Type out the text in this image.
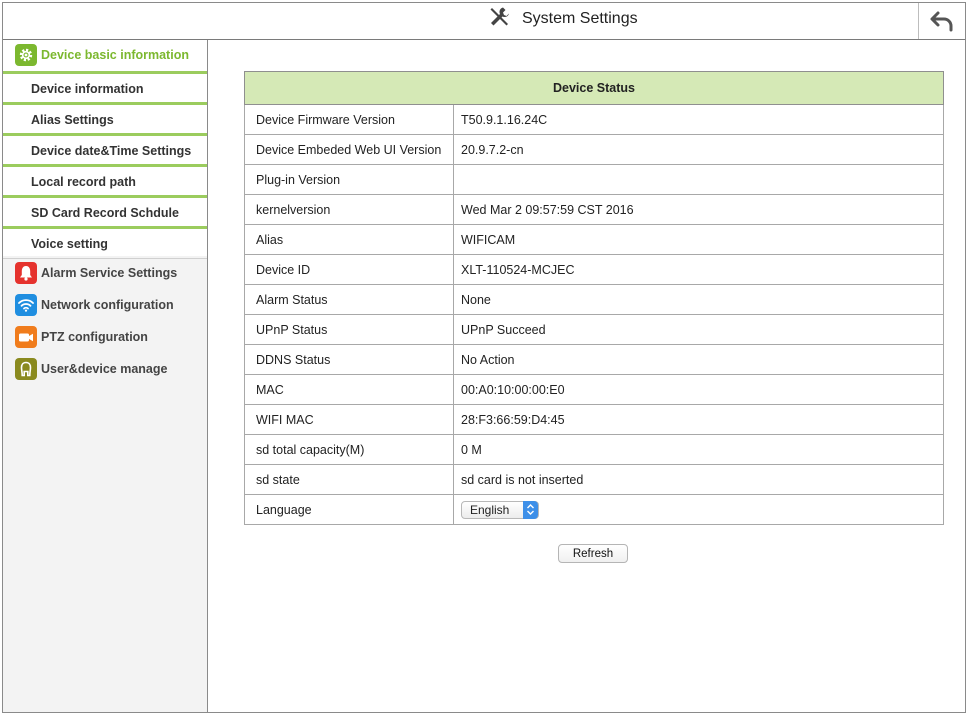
System Settings
Device basic information
Device information
Alias Settings
Device date&Time Settings
Local record path
SD Card Record Schdule
Voice setting
Alarm Service Settings
Network configuration
PTZ configuration
User&device manage
Device Status	
Device Firmware Version	T50.9.1.16.24C
Device Embeded Web UI Version	20.9.7.2-cn
Plug-in Version	
kernelversion	Wed Mar 2 09:57:59 CST 2016
Alias	WIFICAM
Device ID	XLT-110524-MCJEC
Alarm Status	None
UPnP Status	UPnP Succeed
DDNS Status	No Action
MAC	00:A0:10:00:00:E0
WIFI MAC	28:F3:66:59:D4:45
sd total capacity(M)	0 M
sd state	sd card is not inserted
Language	English
Refresh
